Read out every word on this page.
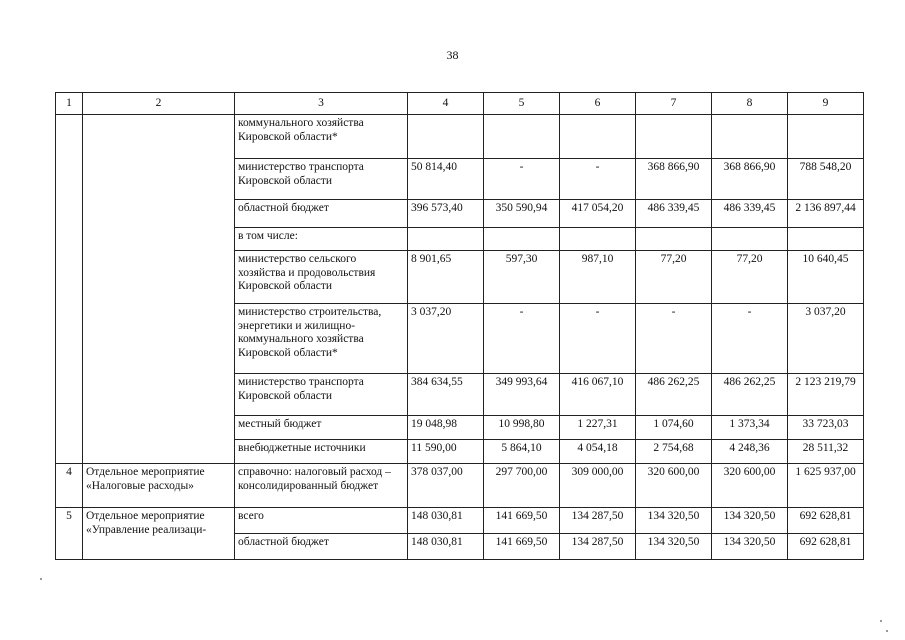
38
1	2	3	4	5	6	7	8	9
		коммунального хозяйства Кировской области*						
		министерство транспорта Кировской области	50 814,40	-	-	368 866,90	368 866,90	788 548,20
		областной бюджет	396 573,40	350 590,94	417 054,20	486 339,45	486 339,45	2 136 897,44
		в том числе:						
		министерство сельского хозяйства и продовольствия Кировской области	8 901,65	597,30	987,10	77,20	77,20	10 640,45
		министерство строительства, энергетики и жилищно-коммунального хозяйства Кировской области*	3 037,20	-	-	-	-	3 037,20
		министерство транспорта Кировской области	384 634,55	349 993,64	416 067,10	486 262,25	486 262,25	2 123 219,79
		местный бюджет	19 048,98	10 998,80	1 227,31	1 074,60	1 373,34	33 723,03
		внебюджетные источники	11 590,00	5 864,10	4 054,18	2 754,68	4 248,36	28 511,32
4	Отдельное мероприятие «Налоговые расходы»	справочно: налоговый расход – консолидированный бюджет	378 037,00	297 700,00	309 000,00	320 600,00	320 600,00	1 625 937,00
5	Отдельное мероприятие «Управление реализаци-	всего	148 030,81	141 669,50	134 287,50	134 320,50	134 320,50	692 628,81
		областной бюджет	148 030,81	141 669,50	134 287,50	134 320,50	134 320,50	692 628,81
